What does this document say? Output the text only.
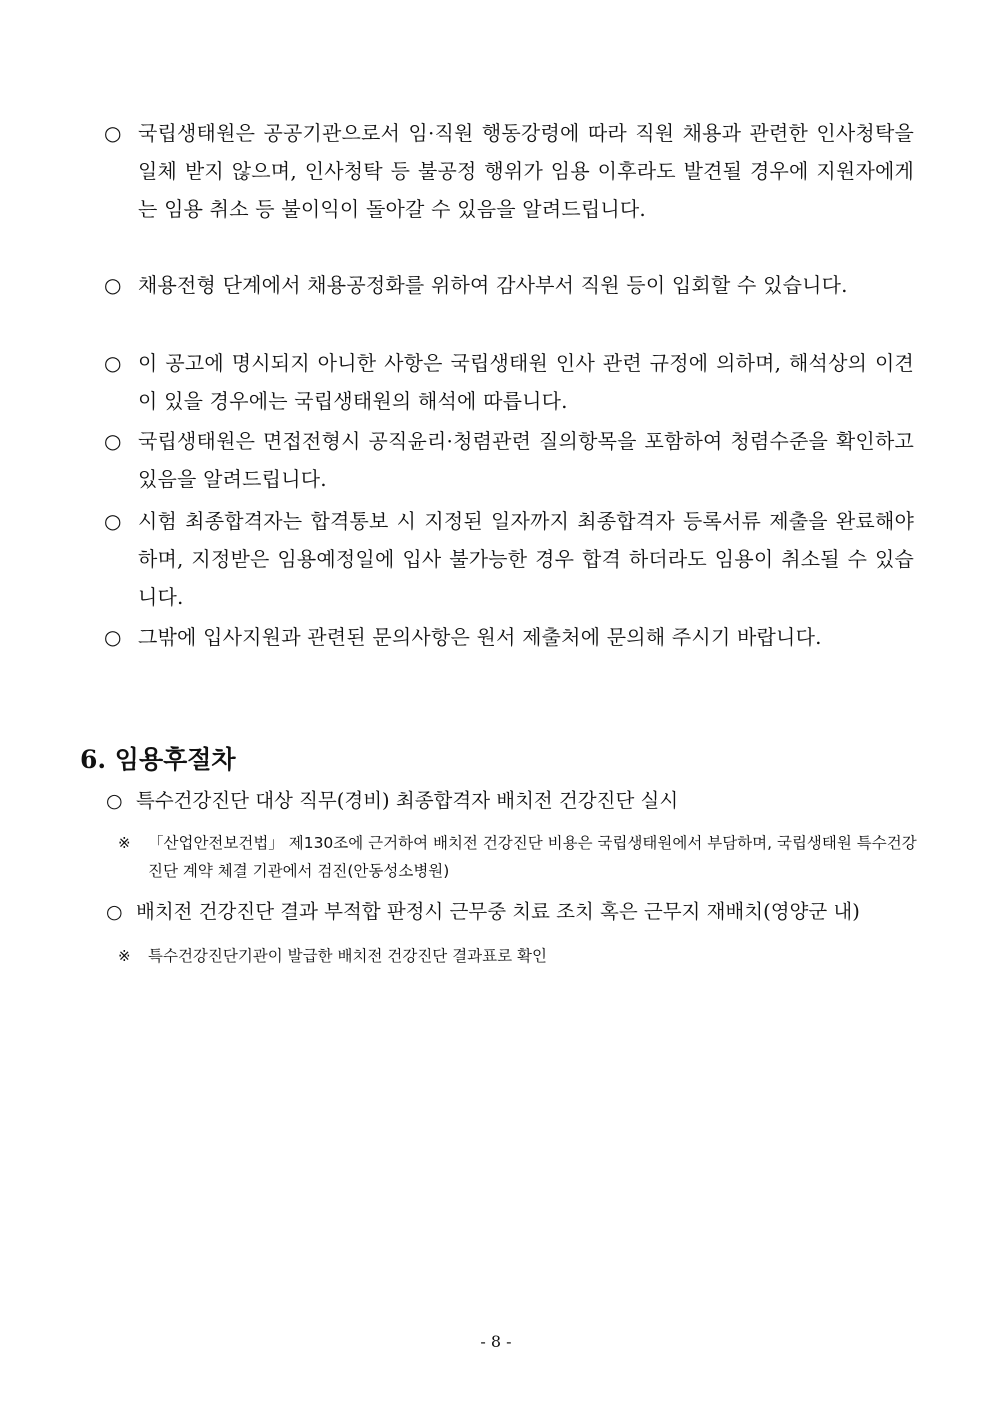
○ 국립생태원은 공공기관으로서 임·직원 행동강령에 따라 직원 채용과 관련한 인사청탁을 일체 받지 않으며, 인사청탁 등 불공정 행위가 임용 이후라도 발견될 경우에 지원자에게는 임용 취소 등 불이익이 돌아갈 수 있음을 알려드립니다.
○ 채용전형 단계에서 채용공정화를 위하여 감사부서 직원 등이 입회할 수 있습니다.
○ 이 공고에 명시되지 아니한 사항은 국립생태원 인사 관련 규정에 의하며, 해석상의 이견이 있을 경우에는 국립생태원의 해석에 따릅니다.
○ 국립생태원은 면접전형시 공직윤리·청렴관련 질의항목을 포함하여 청렴수준을 확인하고 있음을 알려드립니다.
○ 시험 최종합격자는 합격통보 시 지정된 일자까지 최종합격자 등록서류 제출을 완료해야 하며, 지정받은 임용예정일에 입사 불가능한 경우 합격 하더라도 임용이 취소될 수 있습니다.
○ 그밖에 입사지원과 관련된 문의사항은 원서 제출처에 문의해 주시기 바랍니다.
6. 임용후절차
○ 특수건강진단 대상 직무(경비) 최종합격자 배치전 건강진단 실시
※ 「산업안전보건법」 제130조에 근거하여 배치전 건강진단 비용은 국립생태원에서 부담하며, 국립생태원 특수건강진단 계약 체결 기관에서 검진(안동성소병원)
○ 배치전 건강진단 결과 부적합 판정시 근무중 치료 조치 혹은 근무지 재배치(영양군 내)
※ 특수건강진단기관이 발급한 배치전 건강진단 결과표로 확인
- 8 -
